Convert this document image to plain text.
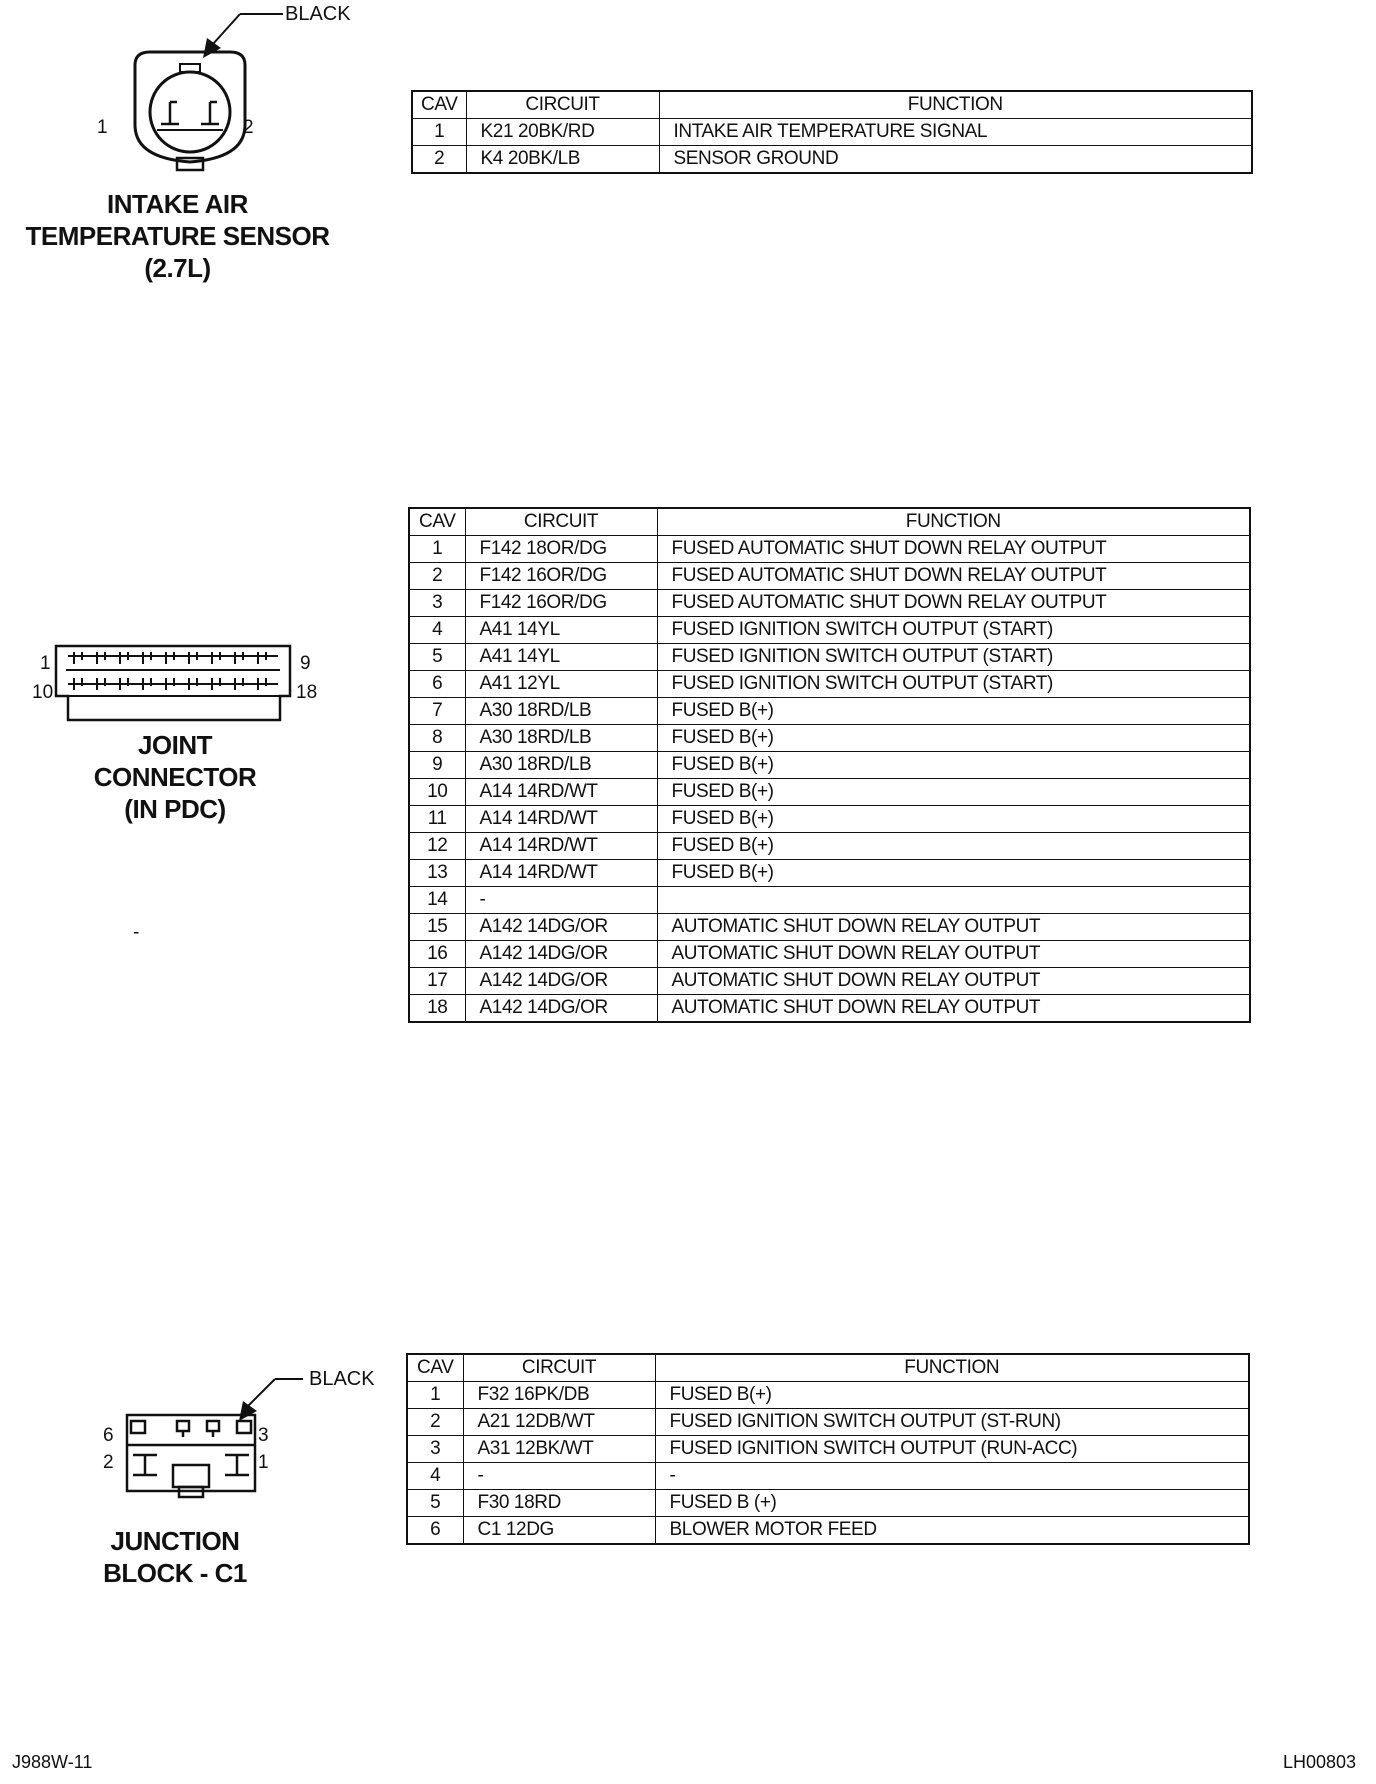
BLACK
1	2
INTAKE AIR
TEMPERATURE SENSOR
(2.7L)
CAV	CIRCUIT	FUNCTION
1	K21 20BK/RD	INTAKE AIR TEMPERATURE SIGNAL
2	K4 20BK/LB	SENSOR GROUND
1
10
9
18
JOINT
CONNECTOR
(IN PDC)
-
CAV	CIRCUIT	FUNCTION
1	F142 18OR/DG	FUSED AUTOMATIC SHUT DOWN RELAY OUTPUT
2	F142 16OR/DG	FUSED AUTOMATIC SHUT DOWN RELAY OUTPUT
3	F142 16OR/DG	FUSED AUTOMATIC SHUT DOWN RELAY OUTPUT
4	A41 14YL	FUSED IGNITION SWITCH OUTPUT (START)
5	A41 14YL	FUSED IGNITION SWITCH OUTPUT (START)
6	A41 12YL	FUSED IGNITION SWITCH OUTPUT (START)
7	A30 18RD/LB	FUSED B(+)
8	A30 18RD/LB	FUSED B(+)
9	A30 18RD/LB	FUSED B(+)
10	A14 14RD/WT	FUSED B(+)
11	A14 14RD/WT	FUSED B(+)
12	A14 14RD/WT	FUSED B(+)
13	A14 14RD/WT	FUSED B(+)
14	-	
15	A142 14DG/OR	AUTOMATIC SHUT DOWN RELAY OUTPUT
16	A142 14DG/OR	AUTOMATIC SHUT DOWN RELAY OUTPUT
17	A142 14DG/OR	AUTOMATIC SHUT DOWN RELAY OUTPUT
18	A142 14DG/OR	AUTOMATIC SHUT DOWN RELAY OUTPUT
BLACK
6
2
3
1
JUNCTION
BLOCK - C1
CAV	CIRCUIT	FUNCTION
1	F32 16PK/DB	FUSED B(+)
2	A21 12DB/WT	FUSED IGNITION SWITCH OUTPUT (ST-RUN)
3	A31 12BK/WT	FUSED IGNITION SWITCH OUTPUT (RUN-ACC)
4	-	-
5	F30 18RD	FUSED B (+)
6	C1 12DG	BLOWER MOTOR FEED
J988W-11	LH00803
